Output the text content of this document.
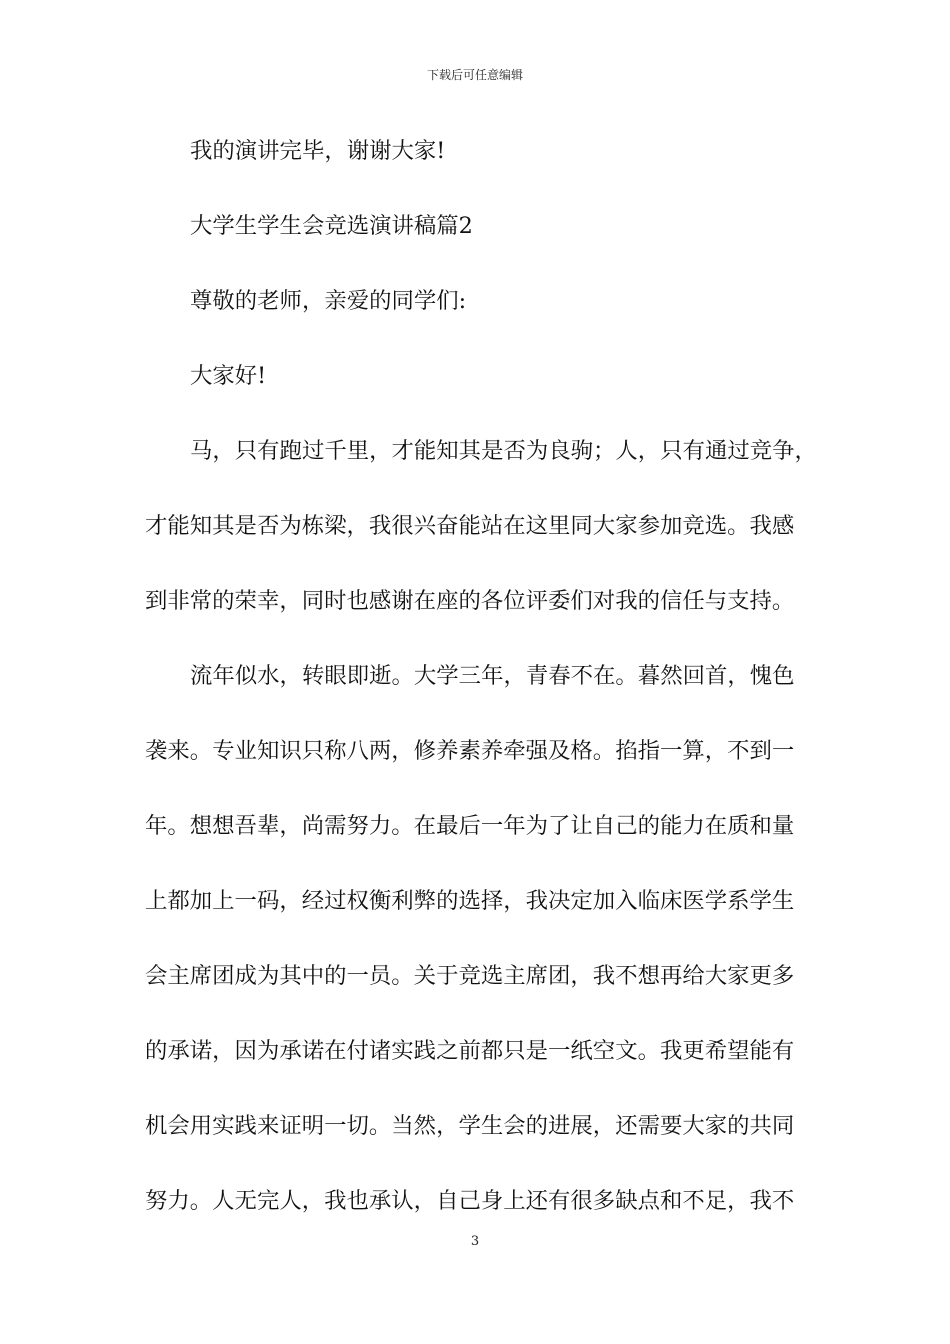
下载后可任意编辑
我的演讲完毕，谢谢大家!
大学生学生会竞选演讲稿篇2
尊敬的老师，亲爱的同学们:
大家好!
马，只有跑过千里，才能知其是否为良驹；人，只有通过竞争，
才能知其是否为栋梁，我很兴奋能站在这里同大家参加竞选。我感
到非常的荣幸，同时也感谢在座的各位评委们对我的信任与支持。
流年似水，转眼即逝。大学三年，青春不在。暮然回首，愧色
袭来。专业知识只称八两，修养素养牵强及格。掐指一算，不到一
年。想想吾辈，尚需努力。在最后一年为了让自己的能力在质和量
上都加上一码，经过权衡利弊的选择，我决定加入临床医学系学生
会主席团成为其中的一员。关于竞选主席团，我不想再给大家更多
的承诺，因为承诺在付诸实践之前都只是一纸空文。我更希望能有
机会用实践来证明一切。当然，学生会的进展，还需要大家的共同
努力。人无完人，我也承认，自己身上还有很多缺点和不足，我不
3
